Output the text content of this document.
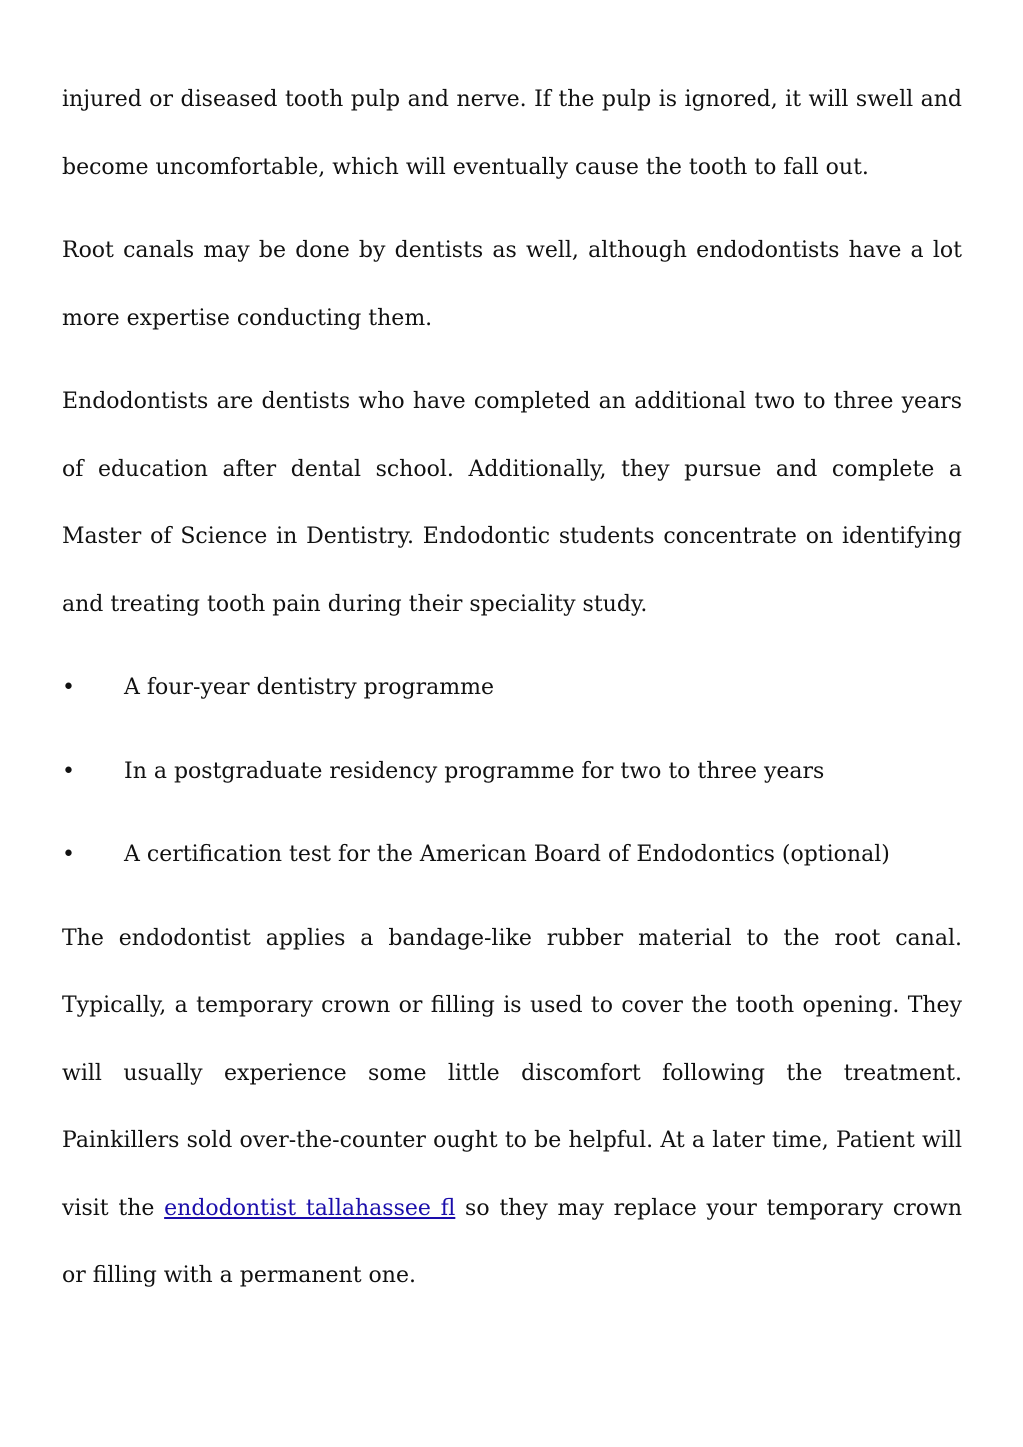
injured or diseased tooth pulp and nerve. If the pulp is ignored, it will swell and become uncomfortable, which will eventually cause the tooth to fall out.

Root canals may be done by dentists as well, although endodontists have a lot more expertise conducting them.

Endodontists are dentists who have completed an additional two to three years of education after dental school. Additionally, they pursue and complete a Master of Science in Dentistry. Endodontic students concentrate on identifying and treating tooth pain during their speciality study.

•	A four-year dentistry programme
•	In a postgraduate residency programme for two to three years
•	A certification test for the American Board of Endodontics (optional)

The endodontist applies a bandage-like rubber material to the root canal. Typically, a temporary crown or filling is used to cover the tooth opening. They will usually experience some little discomfort following the treatment. Painkillers sold over-the-counter ought to be helpful. At a later time, Patient will visit the endodontist tallahassee fl so they may replace your temporary crown or filling with a permanent one.
